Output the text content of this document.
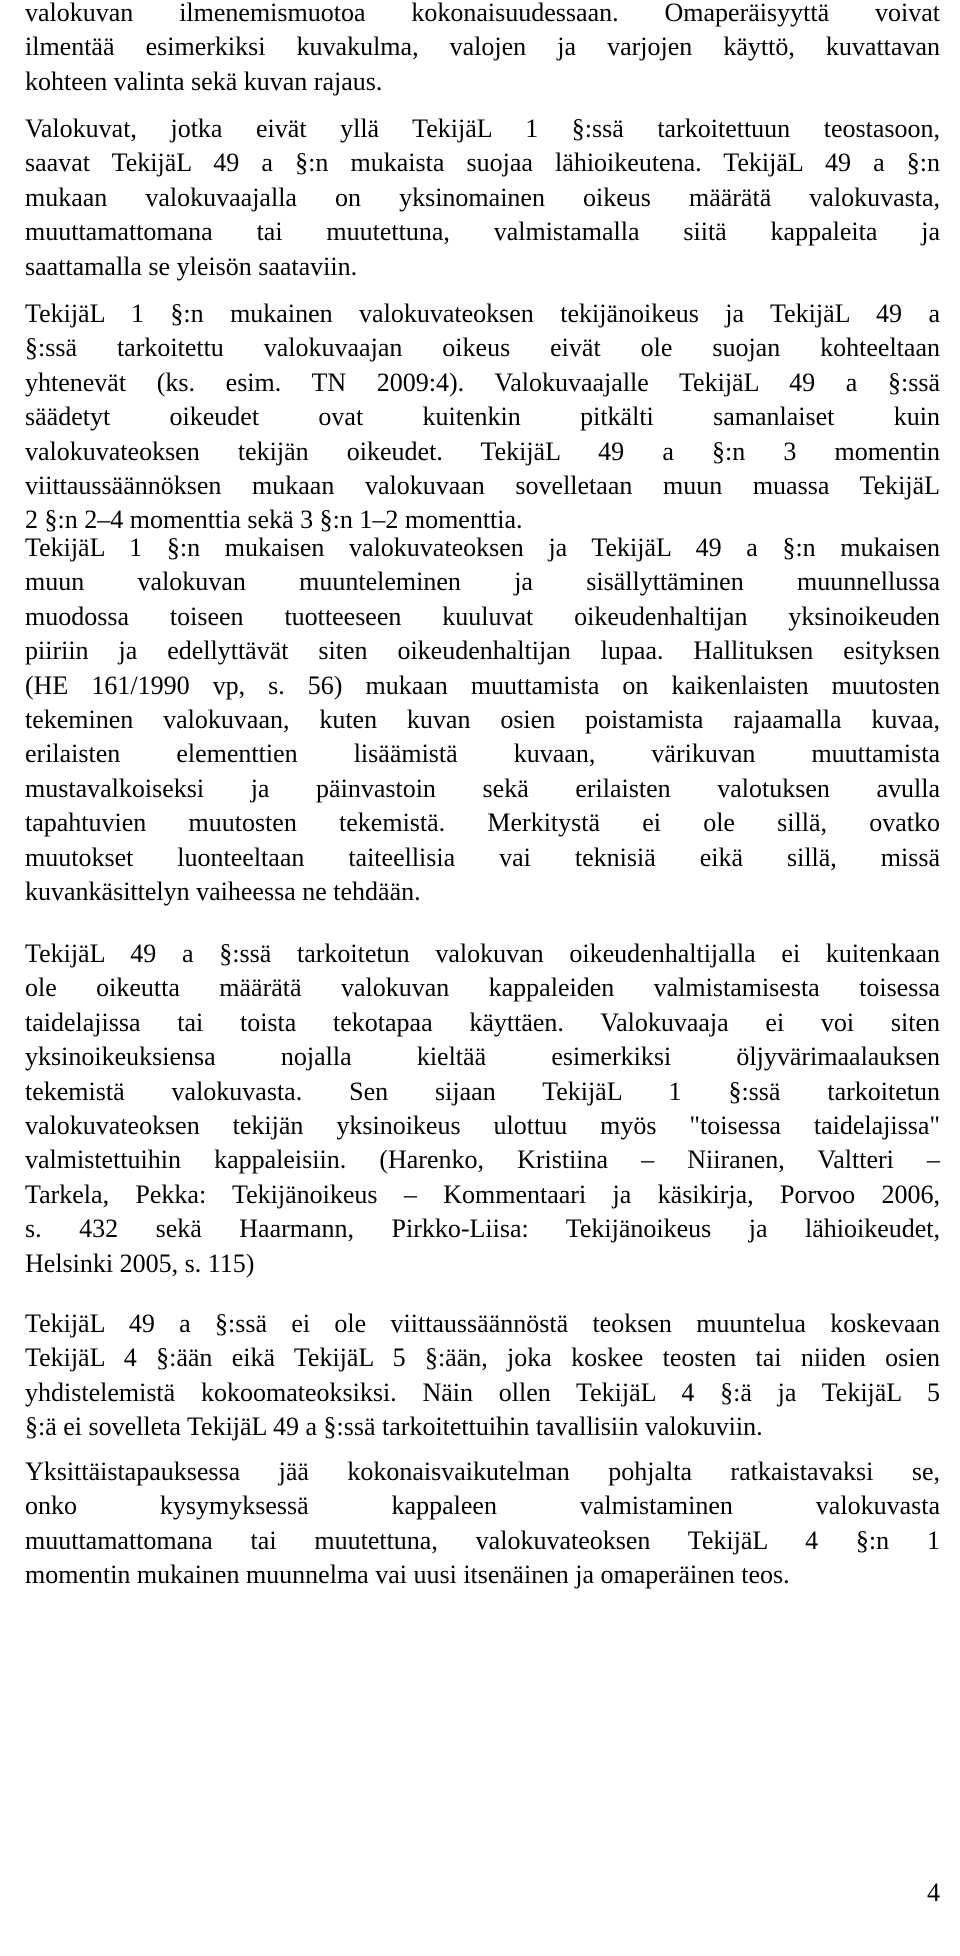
valokuvan ilmenemismuotoa kokonaisuudessaan. Omaperäisyyttä voivat
ilmentää esimerkiksi kuvakulma, valojen ja varjojen käyttö, kuvattavan
kohteen valinta sekä kuvan rajaus.
Valokuvat, jotka eivät yllä TekijäL 1 §:ssä tarkoitettuun teostasoon,
saavat TekijäL 49 a §:n mukaista suojaa lähioikeutena. TekijäL 49 a §:n
mukaan valokuvaajalla on yksinomainen oikeus määrätä valokuvasta,
muuttamattomana tai muutettuna, valmistamalla siitä kappaleita ja
saattamalla se yleisön saataviin.
TekijäL 1 §:n mukainen valokuvateoksen tekijänoikeus ja TekijäL 49 a
§:ssä tarkoitettu valokuvaajan oikeus eivät ole suojan kohteeltaan
yhtenevät (ks. esim. TN 2009:4). Valokuvaajalle TekijäL 49 a §:ssä
säädetyt oikeudet ovat kuitenkin pitkälti samanlaiset kuin
valokuvateoksen tekijän oikeudet. TekijäL 49 a §:n 3 momentin
viittaussäännöksen mukaan valokuvaan sovelletaan muun muassa TekijäL
2 §:n 2–4 momenttia sekä 3 §:n 1–2 momenttia.
TekijäL 1 §:n mukaisen valokuvateoksen ja TekijäL 49 a §:n mukaisen
muun valokuvan muunteleminen ja sisällyttäminen muunnellussa
muodossa toiseen tuotteeseen kuuluvat oikeudenhaltijan yksinoikeuden
piiriin ja edellyttävät siten oikeudenhaltijan lupaa. Hallituksen esityksen
(HE 161/1990 vp, s. 56) mukaan muuttamista on kaikenlaisten muutosten
tekeminen valokuvaan, kuten kuvan osien poistamista rajaamalla kuvaa,
erilaisten elementtien lisäämistä kuvaan, värikuvan muuttamista
mustavalkoiseksi ja päinvastoin sekä erilaisten valotuksen avulla
tapahtuvien muutosten tekemistä. Merkitystä ei ole sillä, ovatko
muutokset luonteeltaan taiteellisia vai teknisiä eikä sillä, missä
kuvankäsittelyn vaiheessa ne tehdään.
TekijäL 49 a §:ssä tarkoitetun valokuvan oikeudenhaltijalla ei kuitenkaan
ole oikeutta määrätä valokuvan kappaleiden valmistamisesta toisessa
taidelajissa tai toista tekotapaa käyttäen. Valokuvaaja ei voi siten
yksinoikeuksiensa nojalla kieltää esimerkiksi öljyvärimaalauksen
tekemistä valokuvasta. Sen sijaan TekijäL 1 §:ssä tarkoitetun
valokuvateoksen tekijän yksinoikeus ulottuu myös "toisessa taidelajissa"
valmistettuihin kappaleisiin. (Harenko, Kristiina – Niiranen, Valtteri –
Tarkela, Pekka: Tekijänoikeus – Kommentaari ja käsikirja, Porvoo 2006,
s. 432 sekä Haarmann, Pirkko-Liisa: Tekijänoikeus ja lähioikeudet,
Helsinki 2005, s. 115)
TekijäL 49 a §:ssä ei ole viittaussäännöstä teoksen muuntelua koskevaan
TekijäL 4 §:ään eikä TekijäL 5 §:ään, joka koskee teosten tai niiden osien
yhdistelemistä kokoomateoksiksi. Näin ollen TekijäL 4 §:ä ja TekijäL 5
§:ä ei sovelleta TekijäL 49 a §:ssä tarkoitettuihin tavallisiin valokuviin.
Yksittäistapauksessa jää kokonaisvaikutelman pohjalta ratkaistavaksi se,
onko kysymyksessä kappaleen valmistaminen valokuvasta
muuttamattomana tai muutettuna, valokuvateoksen TekijäL 4 §:n 1
momentin mukainen muunnelma vai uusi itsenäinen ja omaperäinen teos.

4
